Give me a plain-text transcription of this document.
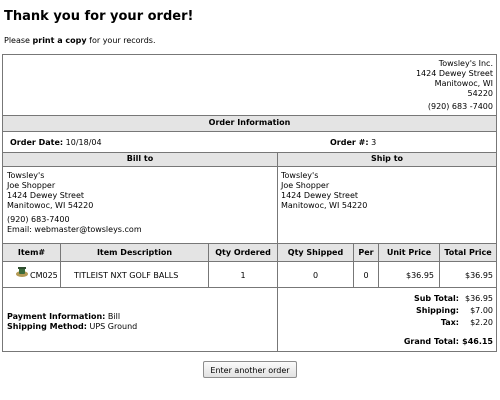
Thank you for your order!
Please print a copy for your records.
Towsley's Inc.
1424 Dewey Street
Manitowoc, WI
54220
(920) 683 -7400
Order Information
Order Date: 10/18/04	Order #: 3
Bill to	Ship to
Towsley's
Joe Shopper
1424 Dewey Street
Manitowoc, WI 54220
(920) 683-7400
Email: webmaster@towsleys.com
Towsley's
Joe Shopper
1424 Dewey Street
Manitowoc, WI 54220
Item#	Item Description	Qty Ordered	Qty Shipped	Per	Unit Price	Total Price
CM025 TITLEIST NXT GOLF BALLS	1	0	0	$36.95	$36.95
Payment Information: Bill
Shipping Method: UPS Ground
Sub Total: $36.95
Shipping: $7.00
Tax: $2.20
Grand Total: $46.15
Enter another order
